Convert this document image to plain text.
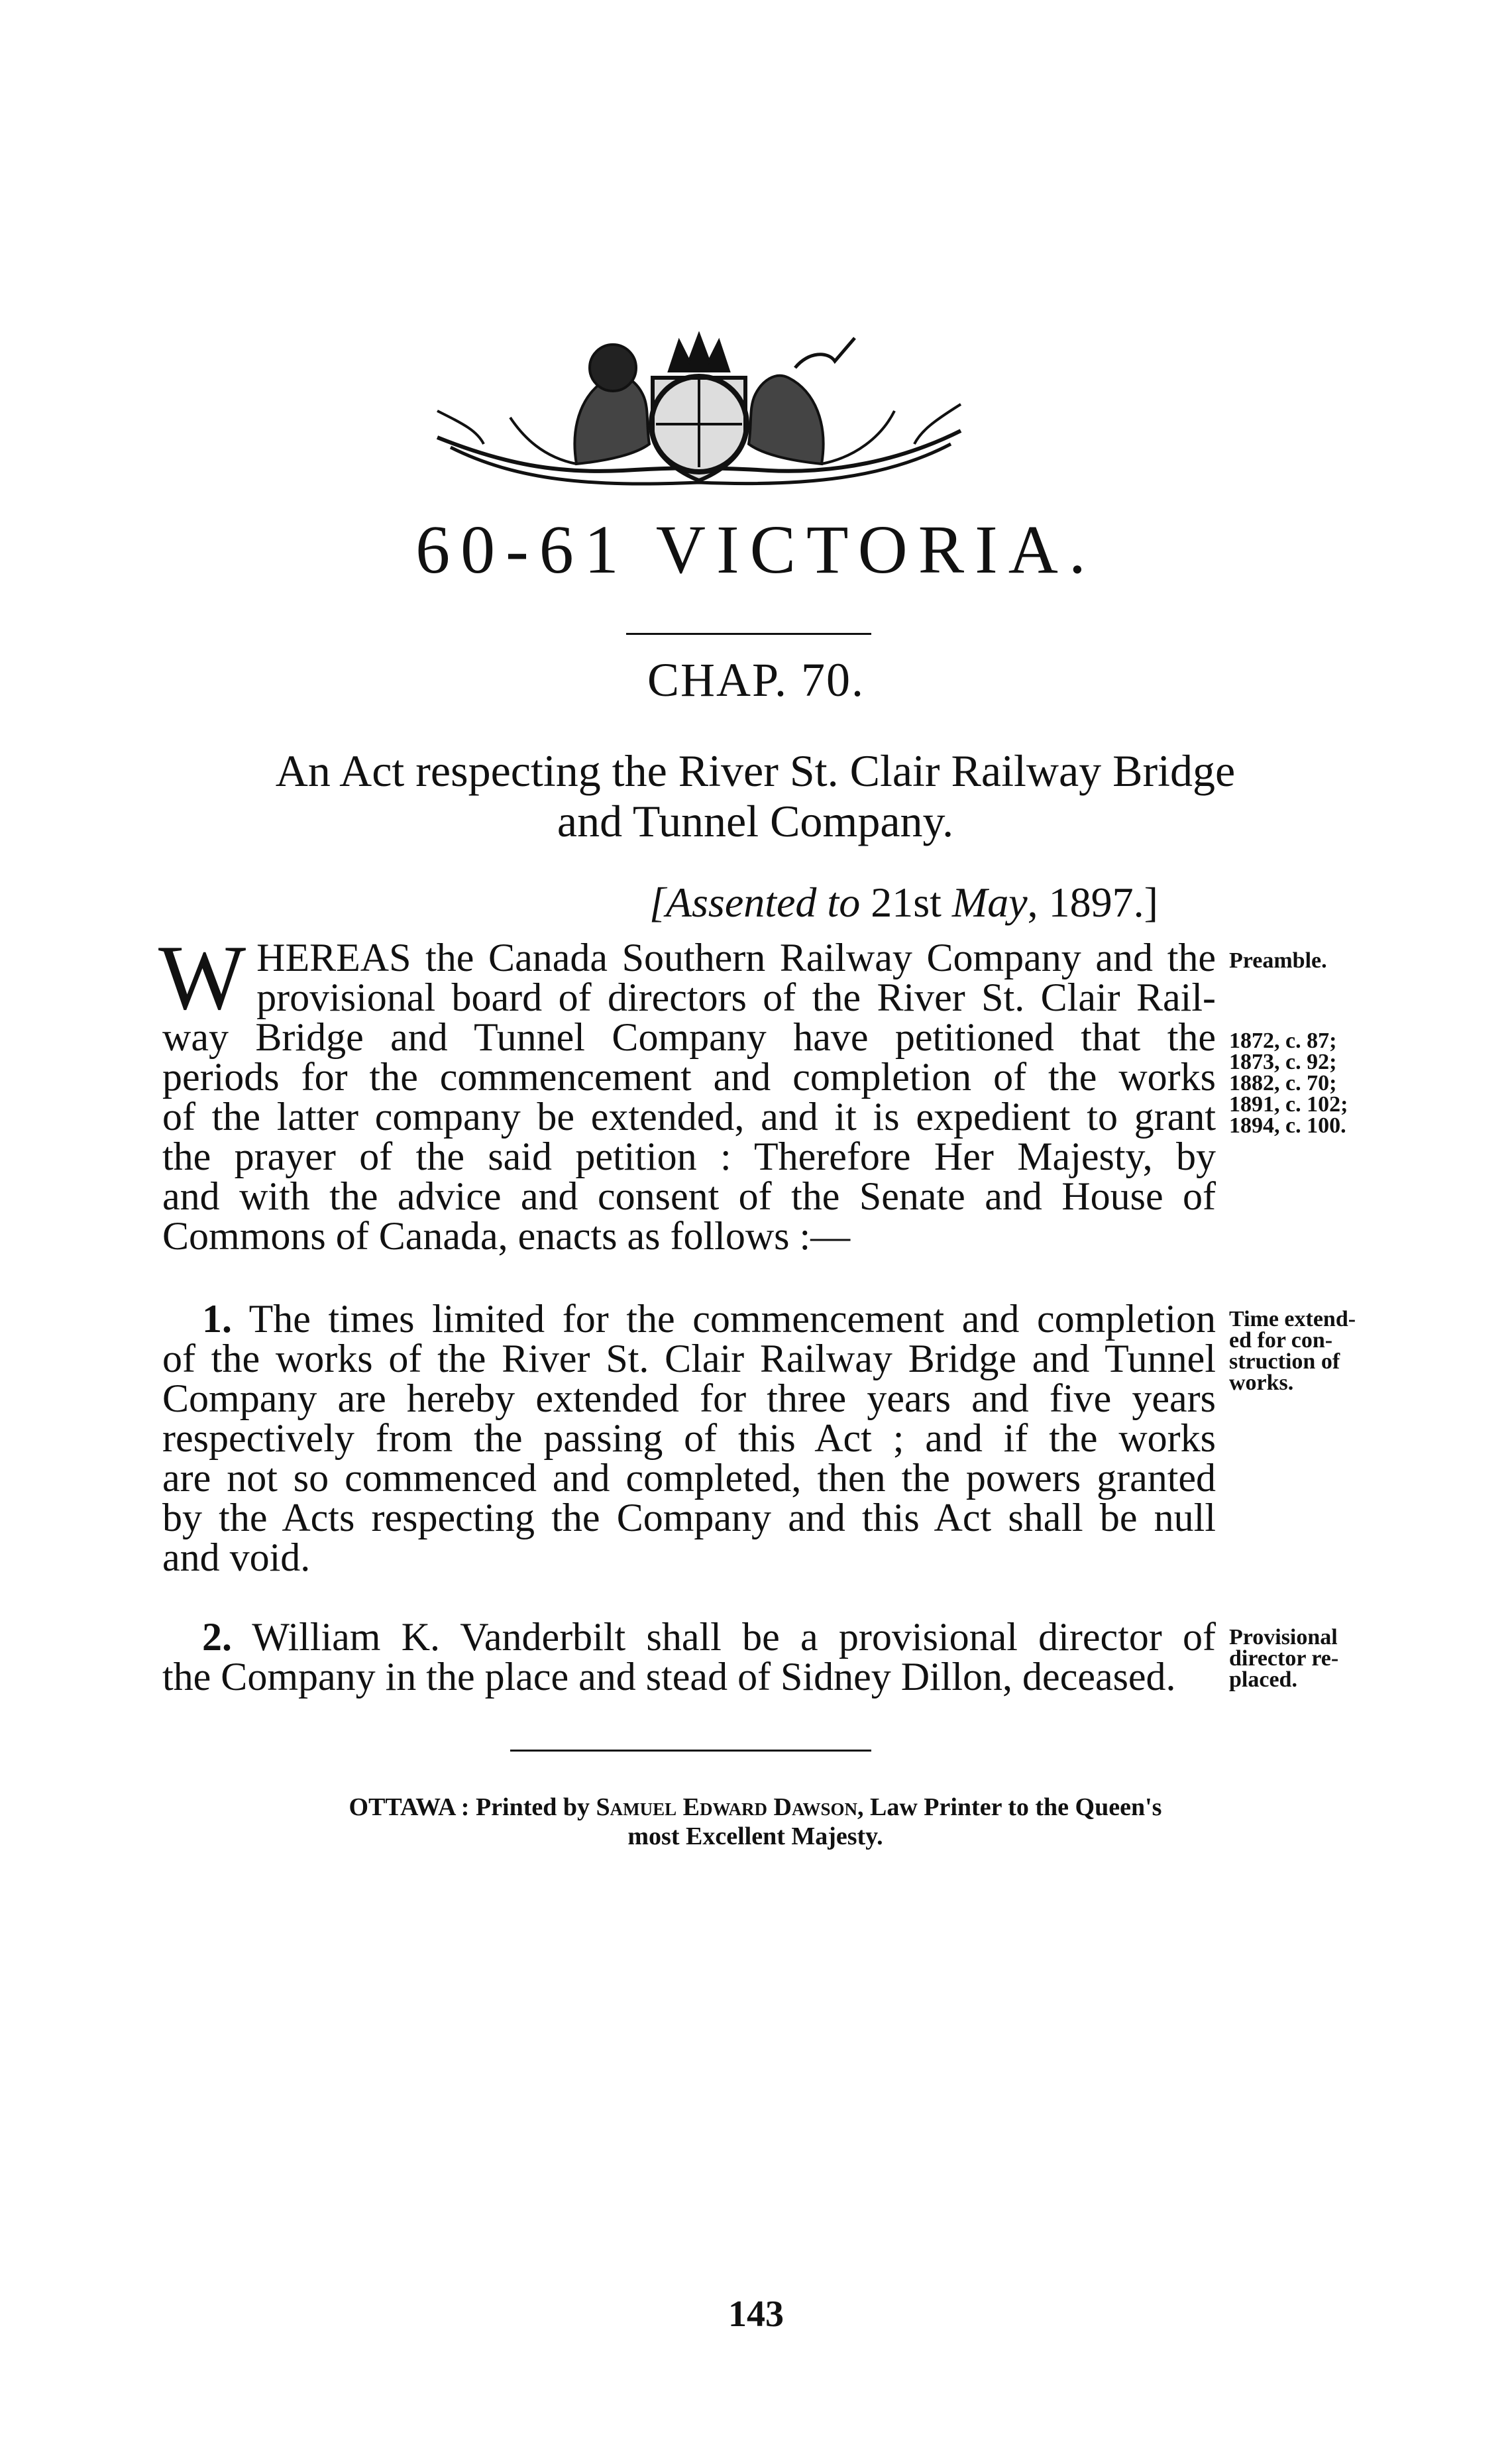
60-61 VICTORIA.
CHAP. 70.
An Act respecting the River St. Clair Railway Bridge
and Tunnel Company.
[Assented to 21st May, 1897.]
W HEREAS the Canada Southern Railway Company and the
provisional board of directors of the River St. Clair Rail-
way Bridge and Tunnel Company have petitioned that the
periods for the commencement and completion of the works
of the latter company be extended, and it is expedient to grant
the prayer of the said petition : Therefore Her Majesty, by
and with the advice and consent of the Senate and House of
Commons of Canada, enacts as follows :—
Preamble.
1872, c. 87;
1873, c. 92;
1882, c. 70;
1891, c. 102;
1894, c. 100.
1. The times limited for the commencement and completion
of the works of the River St. Clair Railway Bridge and Tunnel
Company are hereby extended for three years and five years
respectively from the passing of this Act ; and if the works
are not so commenced and completed, then the powers granted
by the Acts respecting the Company and this Act shall be null
and void.
Time extend-
ed for con-
struction of
works.
2. William K. Vanderbilt shall be a provisional director of
the Company in the place and stead of Sidney Dillon, deceased.
Provisional
director re-
placed.
OTTAWA : Printed by Samuel Edward Dawson, Law Printer to the Queen's
most Excellent Majesty.
143
